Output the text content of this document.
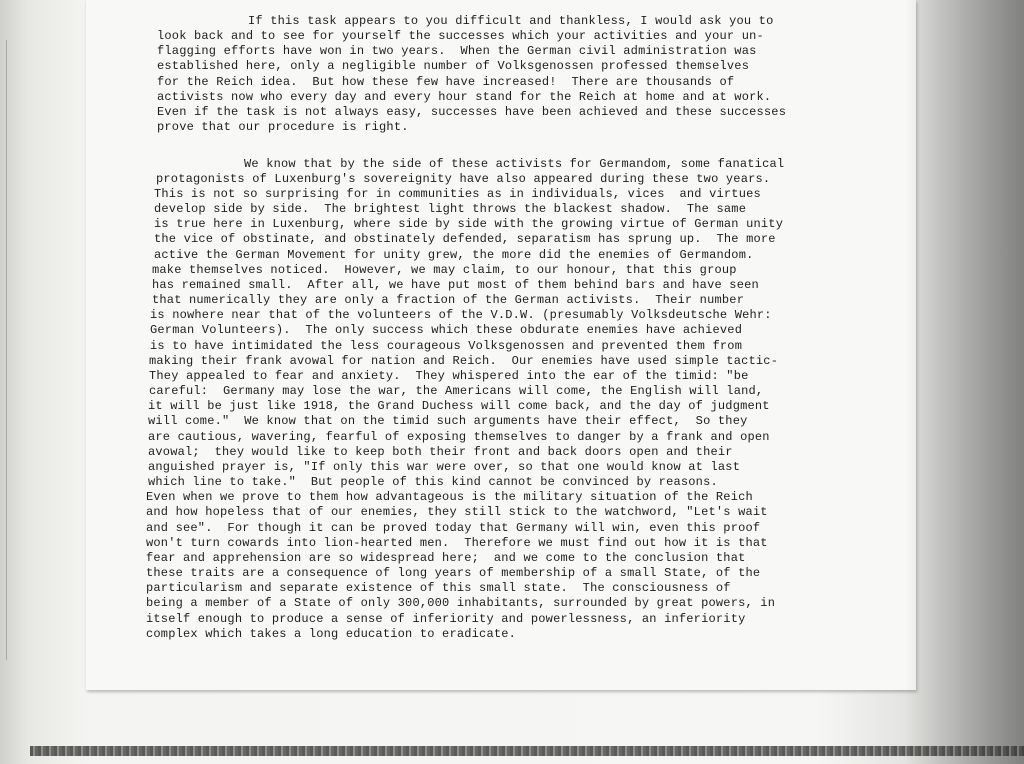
If this task appears to you difficult and thankless, I would ask you to
look back and to see for yourself the successes which your activities and your un-
flagging efforts have won in two years.  When the German civil administration was
established here, only a negligible number of Volksgenossen professed themselves
for the Reich idea.  But how these few have increased!  There are thousands of
activists now who every day and every hour stand for the Reich at home and at work.
Even if the task is not always easy, successes have been achieved and these successes
prove that our procedure is right.
We know that by the side of these activists for Germandom, some fanatical
protagonists of Luxenburg's sovereignity have also appeared during these two years.
This is not so surprising for in communities as in individuals, vices  and virtues
develop side by side.  The brightest light throws the blackest shadow.  The same
is true here in Luxenburg, where side by side with the growing virtue of German unity
the vice of obstinate, and obstinately defended, separatism has sprung up.  The more
active the German Movement for unity grew, the more did the enemies of Germandom.
make themselves noticed.  However, we may claim, to our honour, that this group
has remained small.  After all, we have put most of them behind bars and have seen
that numerically they are only a fraction of the German activists.  Their number
is nowhere near that of the volunteers of the V.D.W. (presumably Volksdeutsche Wehr:
German Volunteers).  The only success which these obdurate enemies have achieved
is to have intimidated the less courageous Volksgenossen and prevented them from
making their frank avowal for nation and Reich.  Our enemies have used simple tactic-
They appealed to fear and anxiety.  They whispered into the ear of the timid: "be
careful:  Germany may lose the war, the Americans will come, the English will land,
it will be just like 1918, the Grand Duchess will come back, and the day of judgment
will come."  We know that on the timid such arguments have their effect,  So they
are cautious, wavering, fearful of exposing themselves to danger by a frank and open
avowal;  they would like to keep both their front and back doors open and their
anguished prayer is, "If only this war were over, so that one would know at last
which line to take."  But people of this kind cannot be convinced by reasons.
Even when we prove to them how advantageous is the military situation of the Reich
and how hopeless that of our enemies, they still stick to the watchword, "Let's wait
and see".  For though it can be proved today that Germany will win, even this proof
won't turn cowards into lion-hearted men.  Therefore we must find out how it is that
fear and apprehension are so widespread here;  and we come to the conclusion that
these traits are a consequence of long years of membership of a small State, of the
particularism and separate existence of this small state.  The consciousness of
being a member of a State of only 300,000 inhabitants, surrounded by great powers, in
itself enough to produce a sense of inferiority and powerlessness, an inferiority
complex which takes a long education to eradicate.
